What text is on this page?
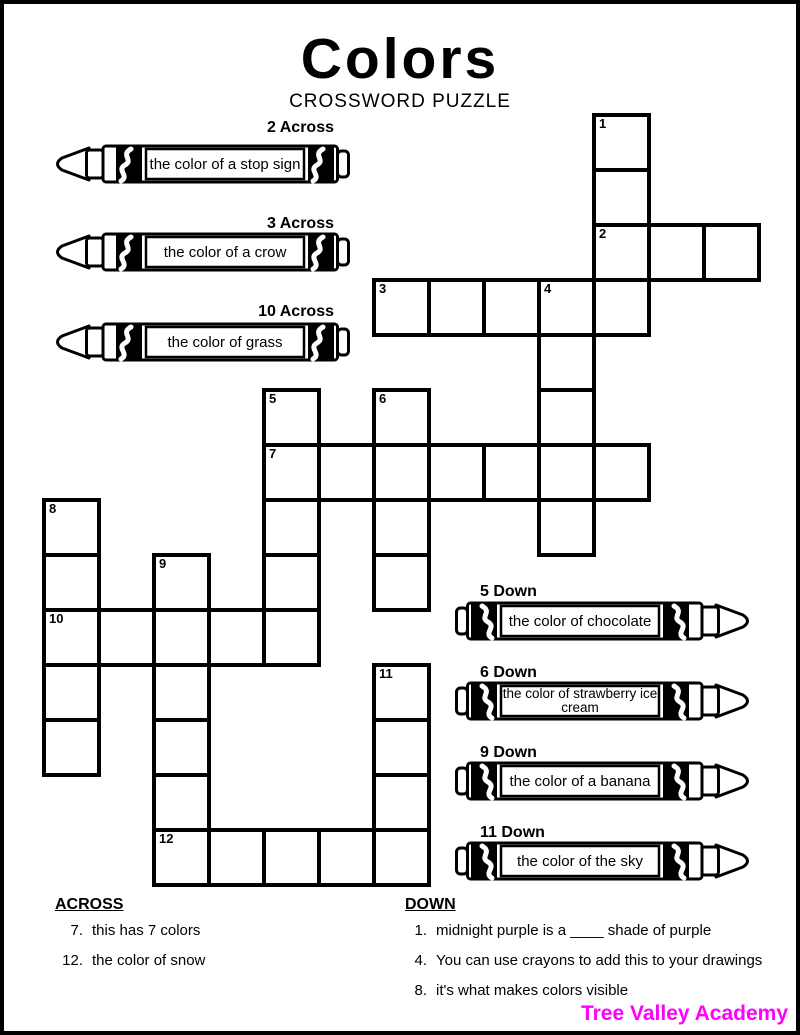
Colors
CROSSWORD PUZZLE
2 Across
the color of a stop sign
3 Across
the color of a crow
10 Across
the color of grass
5 Down
the color of chocolate
6 Down
the color of strawberry ice cream
9 Down
the color of a banana
11 Down
the color of the sky
1
2
3	4
5	6
7
8
9
10
11
12
ACROSS
7. this has 7 colors
12. the color of snow
DOWN
1. midnight purple is a ____ shade of purple
4. You can use crayons to add this to your drawings
8. it's what makes colors visible
Tree Valley Academy
